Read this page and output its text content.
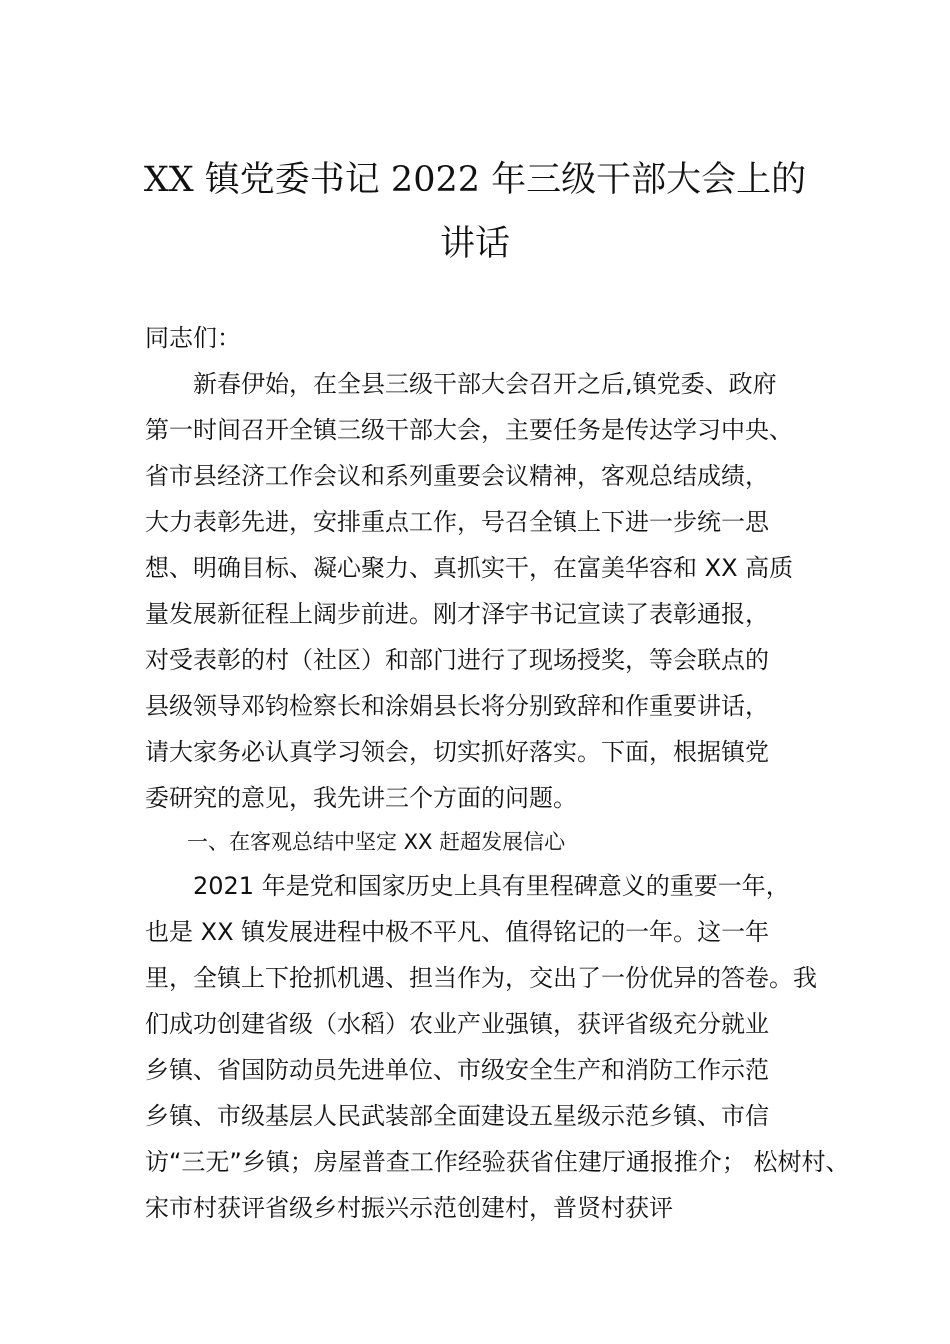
XX 镇党委书记 2022 年三级干部大会上的
讲话
同志们：
　　新春伊始，在全县三级干部大会召开之后,镇党委、政府
第一时间召开全镇三级干部大会，主要任务是传达学习中央、
省市县经济工作会议和系列重要会议精神，客观总结成绩，
大力表彰先进，安排重点工作，号召全镇上下进一步统一思
想、明确目标、凝心聚力、真抓实干，在富美华容和 XX 高质
量发展新征程上阔步前进。刚才泽宇书记宣读了表彰通报，
对受表彰的村（社区）和部门进行了现场授奖，等会联点的
县级领导邓钧检察长和涂娟县长将分别致辞和作重要讲话，
请大家务必认真学习领会，切实抓好落实。下面，根据镇党
委研究的意见，我先讲三个方面的问题。
　　一、在客观总结中坚定 XX 赶超发展信心
　　2021 年是党和国家历史上具有里程碑意义的重要一年，
也是 XX 镇发展进程中极不平凡、值得铭记的一年。这一年
里，全镇上下抢抓机遇、担当作为，交出了一份优异的答卷。我
们成功创建省级（水稻）农业产业强镇，获评省级充分就业
乡镇、省国防动员先进单位、市级安全生产和消防工作示范
乡镇、市级基层人民武装部全面建设五星级示范乡镇、市信
访“三无”乡镇；房屋普查工作经验获省住建厅通报推介； 松树村、
宋市村获评省级乡村振兴示范创建村，普贤村获评
